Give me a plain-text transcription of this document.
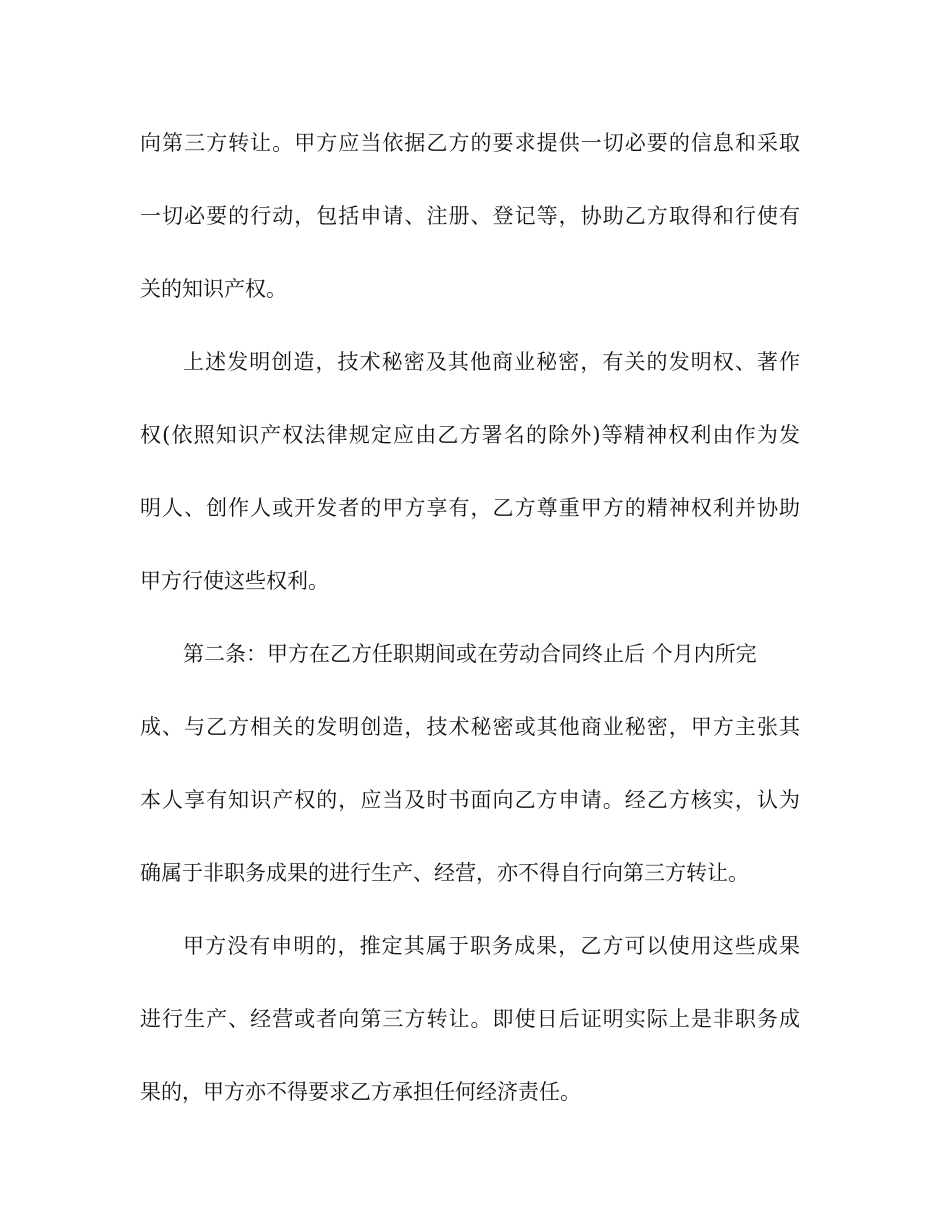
向第三方转让。甲方应当依据乙方的要求提供一切必要的信息和采取
一切必要的行动，包括申请、注册、登记等，协助乙方取得和行使有
关的知识产权。
上述发明创造，技术秘密及其他商业秘密，有关的发明权、著作
权(依照知识产权法律规定应由乙方署名的除外)等精神权利由作为发
明人、创作人或开发者的甲方享有，乙方尊重甲方的精神权利并协助
甲方行使这些权利。
第二条：甲方在乙方任职期间或在劳动合同终止后 个月内所完
成、与乙方相关的发明创造，技术秘密或其他商业秘密，甲方主张其
本人享有知识产权的，应当及时书面向乙方申请。经乙方核实，认为
确属于非职务成果的进行生产、经营，亦不得自行向第三方转让。
甲方没有申明的，推定其属于职务成果，乙方可以使用这些成果
进行生产、经营或者向第三方转让。即使日后证明实际上是非职务成
果的，甲方亦不得要求乙方承担任何经济责任。
